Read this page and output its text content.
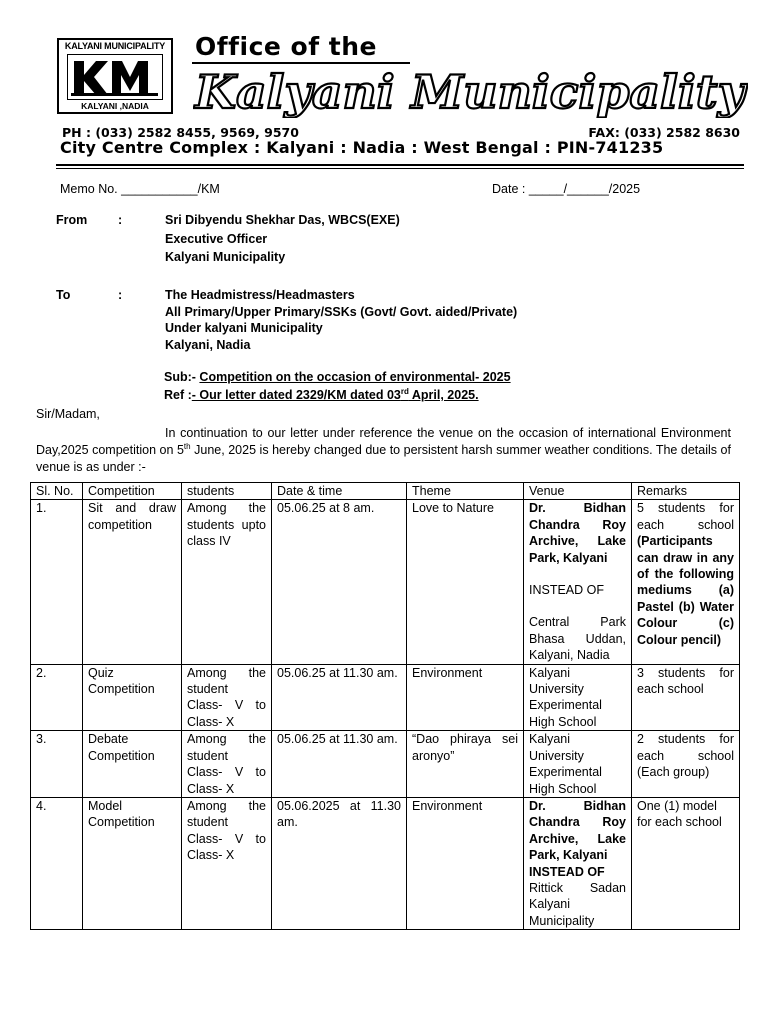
KALYANI MUNICIPALITY
KALYANI ,NADIA
Office of the
Kalyani Municipality
PH : (033) 2582 8455, 9569, 9570	FAX: (033) 2582 8630
City Centre Complex : Kalyani : Nadia : West Bengal : PIN-741235
Memo No. ___________/KM	Date : _____/______/2025
From :	Sri Dibyendu Shekhar Das, WBCS(EXE)
Executive Officer
Kalyani Municipality
To	:	The Headmistress/Headmasters
All Primary/Upper Primary/SSKs (Govt/ Govt. aided/Private)
Under kalyani Municipality
Kalyani, Nadia
Sub:- Competition on the occasion of environmental- 2025
Ref :- Our letter dated 2329/KM dated 03rd April, 2025.
Sir/Madam,
In continuation to our letter under reference the venue on the occasion of international Environment Day,2025 competition on 5th June, 2025 is hereby changed due to persistent harsh summer weather conditions. The details of venue is as under :-
Sl. No.	Competition	students	Date & time	Theme	Venue	Remarks
1.	Sit and draw competition	Among the students upto class IV	05.06.25 at 8 am.	Love to Nature	Dr. Bidhan Chandra Roy Archive, Lake Park, Kalyani
INSTEAD OF
Central Park Bhasa Uddan, Kalyani, Nadia	5 students for each school (Participants can draw in any of the following mediums (a) Pastel (b) Water Colour (c) Colour pencil)
2.	Quiz Competition	Among the student Class- V to Class- X	05.06.25 at 11.30 am.	Environment	Kalyani University Experimental High School	3 students for each school
3.	Debate Competition	Among the student Class- V to Class- X	05.06.25 at 11.30 am.	“Dao phiraya sei aronyo”	Kalyani University Experimental High School	2 students for each school (Each group)
4.	Model Competition	Among the student Class- V to Class- X	05.06.2025 at 11.30 am.	Environment	Dr. Bidhan Chandra Roy Archive, Lake Park, Kalyani
INSTEAD OF
Rittick Sadan Kalyani Municipality	One (1) model for each school
